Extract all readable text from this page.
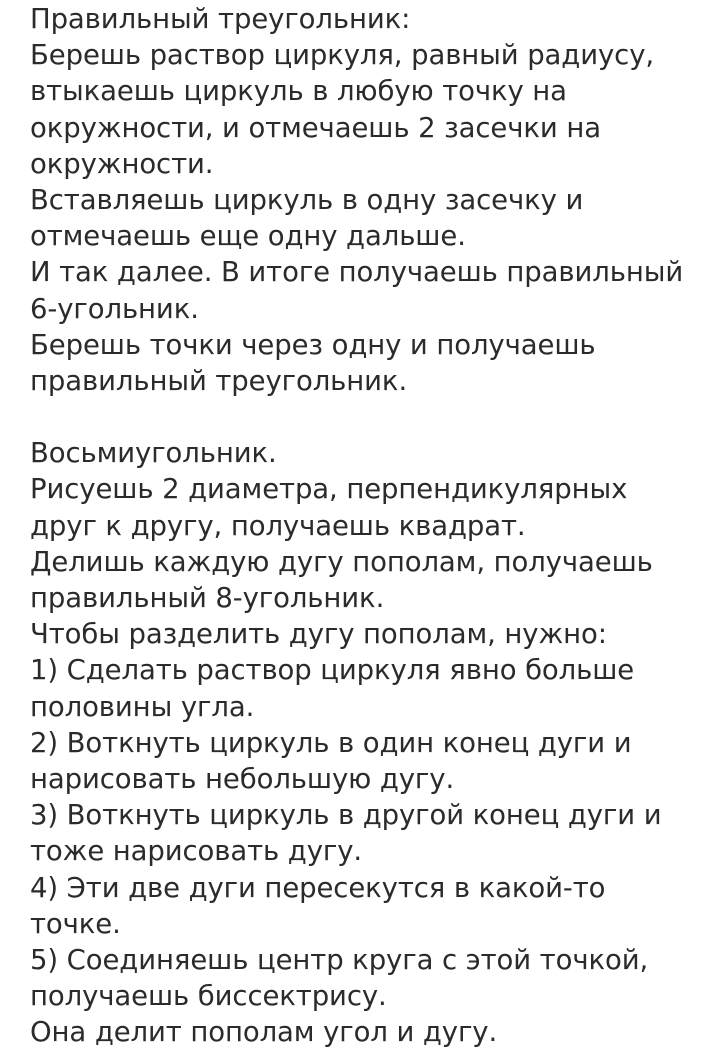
Правильный треугольник:
Берешь раствор циркуля, равный радиусу,
втыкаешь циркуль в любую точку на
окружности, и отмечаешь 2 засечки на
окружности.
Вставляешь циркуль в одну засечку и
отмечаешь еще одну дальше.
И так далее. В итоге получаешь правильный
6-угольник.
Берешь точки через одну и получаешь
правильный треугольник.
Восьмиугольник.
Рисуешь 2 диаметра, перпендикулярных
друг к другу, получаешь квадрат.
Делишь каждую дугу пополам, получаешь
правильный 8-угольник.
Чтобы разделить дугу пополам, нужно:
1) Сделать раствор циркуля явно больше
половины угла.
2) Воткнуть циркуль в один конец дуги и
нарисовать небольшую дугу.
3) Воткнуть циркуль в другой конец дуги и
тоже нарисовать дугу.
4) Эти две дуги пересекутся в какой-то
точке.
5) Соединяешь центр круга с этой точкой,
получаешь биссектрису.
Она делит пополам угол и дугу.
